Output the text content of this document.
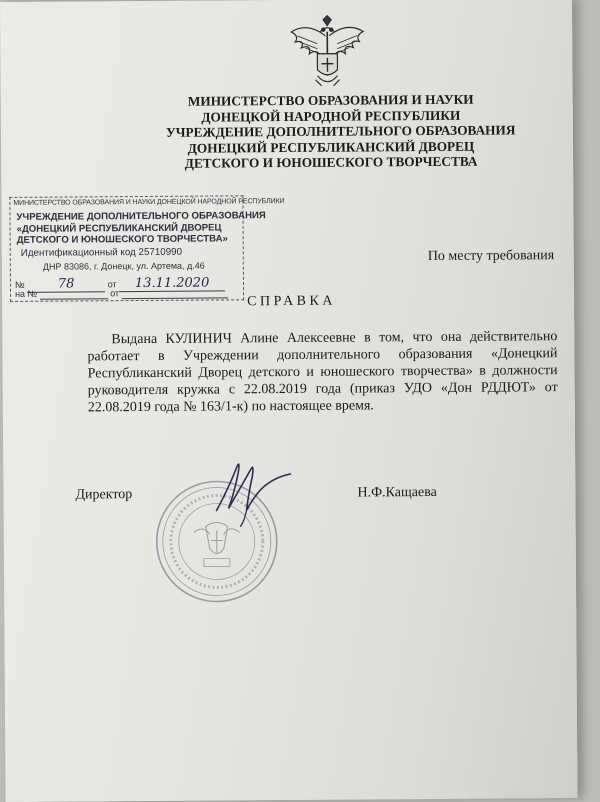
МИНИСТЕРСТВО ОБРАЗОВАНИЯ И НАУКИ
ДОНЕЦКОЙ НАРОДНОЙ РЕСПУБЛИКИ
УЧРЕЖДЕНИЕ ДОПОЛНИТЕЛЬНОГО ОБРАЗОВАНИЯ
ДОНЕЦКИЙ РЕСПУБЛИКАНСКИЙ ДВОРЕЦ
ДЕТСКОГО И ЮНОШЕСКОГО ТВОРЧЕСТВА
МИНИСТЕРСТВО ОБРАЗОВАНИЯ И НАУКИ ДОНЕЦКОЙ НАРОДНОЙ РЕСПУБЛИКИ
УЧРЕЖДЕНИЕ ДОПОЛНИТЕЛЬНОГО ОБРАЗОВАНИЯ
«ДОНЕЦКИЙ РЕСПУБЛИКАНСКИЙ ДВОРЕЦ
ДЕТСКОГО И ЮНОШЕСКОГО ТВОРЧЕСТВА»
Идентификационный код 25710990
ДНР 83086, г. Донецк, ул. Артема, д.46
№	78	от 13.11.2020
на №	от
По месту требования
СПРАВКА

Выдана КУЛИНИЧ Алине Алексеевне в том, что она действительно работает в Учреждении дополнительного образования «Донецкий Республиканский Дворец детского и юношеского творчества» в должности руководителя кружка с 22.08.2019 года (приказ УДО «Дон РДДЮТ» от 22.08.2019 года № 163/1-к) по настоящее время.

Директор	Н.Ф.Кащаева
